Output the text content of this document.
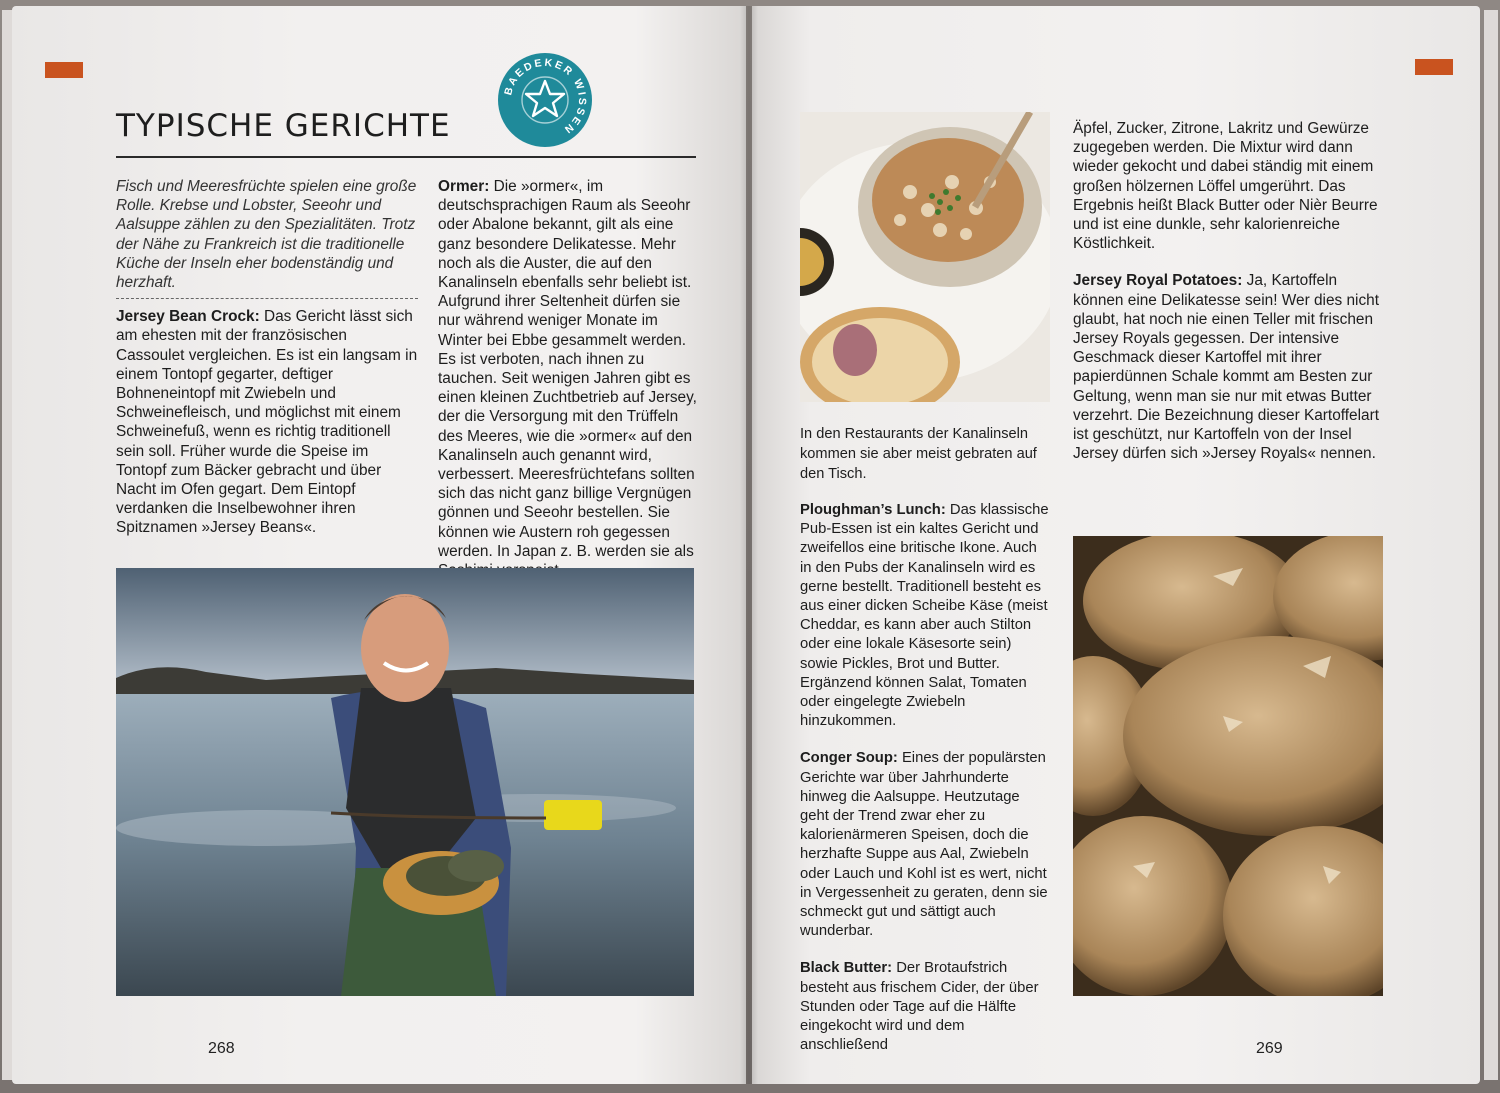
TYPISCHE GERICHTE
BAEDEKER WISSEN

Fisch und Meeresfrüchte spielen eine große Rolle. Krebse und Lobster, Seeohr und Aalsuppe zählen zu den Spezialitäten. Trotz der Nähe zu Frankreich ist die traditionelle Küche der Inseln eher bodenständig und herzhaft.

Jersey Bean Crock: Das Gericht lässt sich am ehesten mit der französischen Cassoulet vergleichen. Es ist ein langsam in einem Tontopf gegarter, deftiger Bohneneintopf mit Zwiebeln und Schweinefleisch, und möglichst mit einem Schweinefuß, wenn es richtig traditionell sein soll. Früher wurde die Speise im Tontopf zum Bäcker gebracht und über Nacht im Ofen gegart. Dem Eintopf verdanken die Inselbewohner ihren Spitznamen »Jersey Beans«.

Ormer: Die »ormer«, im deutschsprachigen Raum als Seeohr oder Abalone bekannt, gilt als eine ganz besondere Delikatesse. Mehr noch als die Auster, die auf den Kanalinseln ebenfalls sehr beliebt ist. Aufgrund ihrer Seltenheit dürfen sie nur während weniger Monate im Winter bei Ebbe gesammelt werden. Es ist verboten, nach ihnen zu tauchen. Seit wenigen Jahren gibt es einen kleinen Zuchtbetrieb auf Jersey, der die Versorgung mit den Trüffeln des Meeres, wie die »ormer« auf den Kanalinseln auch genannt wird, verbessert. Meeresfrüchtefans sollten sich das nicht ganz billige Vergnügen gönnen und Seeohr bestellen. Sie können wie Austern roh gegessen werden. In Japan z. B. werden sie als

268
In den Restaurants der Kanalinseln kommen sie aber meist gebraten auf den Tisch.

Ploughman’s Lunch: Das klassische Pub-Essen ist ein kaltes Gericht und zweifellos eine britische Ikone. Auch in den Pubs der Kanalinseln wird es gerne bestellt. Traditionell besteht es aus einer dicken Scheibe Käse (meist Cheddar, es kann aber auch Stilton oder eine lokale Käsesorte sein) sowie Pickles, Brot und Butter. Ergänzend können Salat, Tomaten oder eingelegte Zwiebeln hinzukommen.

Conger Soup: Eines der populärsten Gerichte war über Jahrhunderte hinweg die Aalsuppe. Heutzutage geht der Trend zwar eher zu kalorienärmeren Speisen, doch die herzhafte Suppe aus Aal, Zwiebeln oder Lauch und Kohl ist es wert, nicht in Vergessenheit zu geraten, denn sie schmeckt gut und sättigt auch wunderbar.

Black Butter: Der Brotaufstrich besteht aus frischem Cider, der über Stunden oder Tage auf die Hälfte eingekocht wird und dem anschließend

Äpfel, Zucker, Zitrone, Lakritz und Gewürze zugegeben werden. Die Mixtur wird dann wieder gekocht und dabei ständig mit einem großen hölzernen Löffel umgerührt. Das Ergebnis heißt Black Butter oder Nièr Beurre und ist eine dunkle, sehr kalorienreiche Köstlichkeit.

Jersey Royal Potatoes: Ja, Kartoffeln können eine Delikatesse sein! Wer dies nicht glaubt, hat noch nie einen Teller mit frischen Jersey Royals gegessen. Der intensive Geschmack dieser Kartoffel mit ihrer papierdünnen Schale kommt am Besten zur Geltung, wenn man sie nur mit etwas Butter verzehrt. Die Bezeichnung dieser Kartoffelart ist geschützt, nur Kartoffeln von der Insel Jersey dürfen sich »Jersey Royals« nennen.

269
